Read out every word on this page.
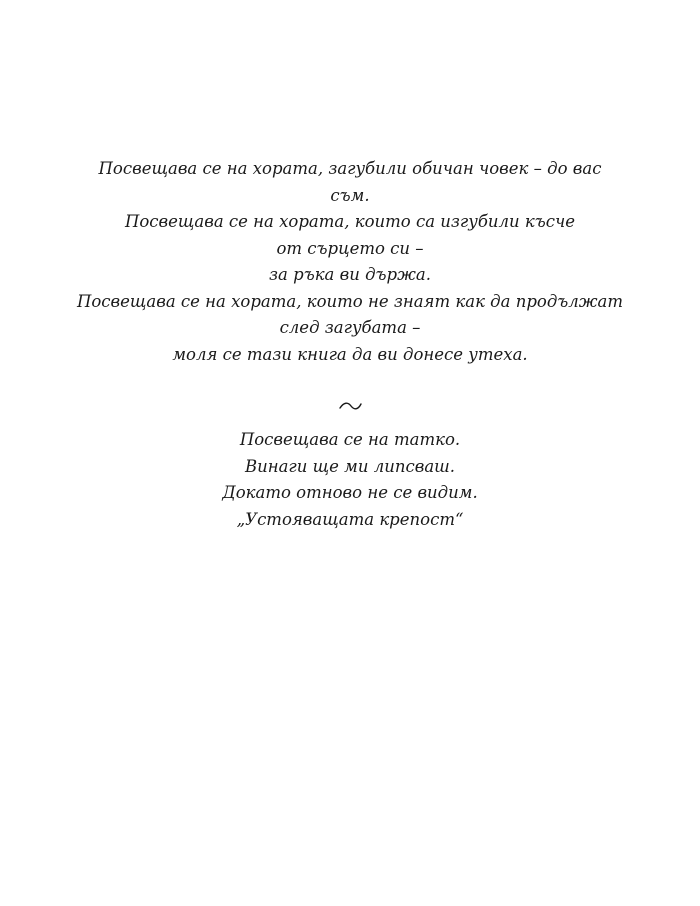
Посвещава се на хората, загубили обичан човек – до вас
съм.
Посвещава се на хората, които са изгубили късче
от сърцето си –
за ръка ви държа.
Посвещава се на хората, които не знаят как да продължат
след загубата –
моля се тази книга да ви донесе утеха.
Посвещава се на татко.
Винаги ще ми липсваш.
Докато отново не се видим.
„Устояващата крепост“
